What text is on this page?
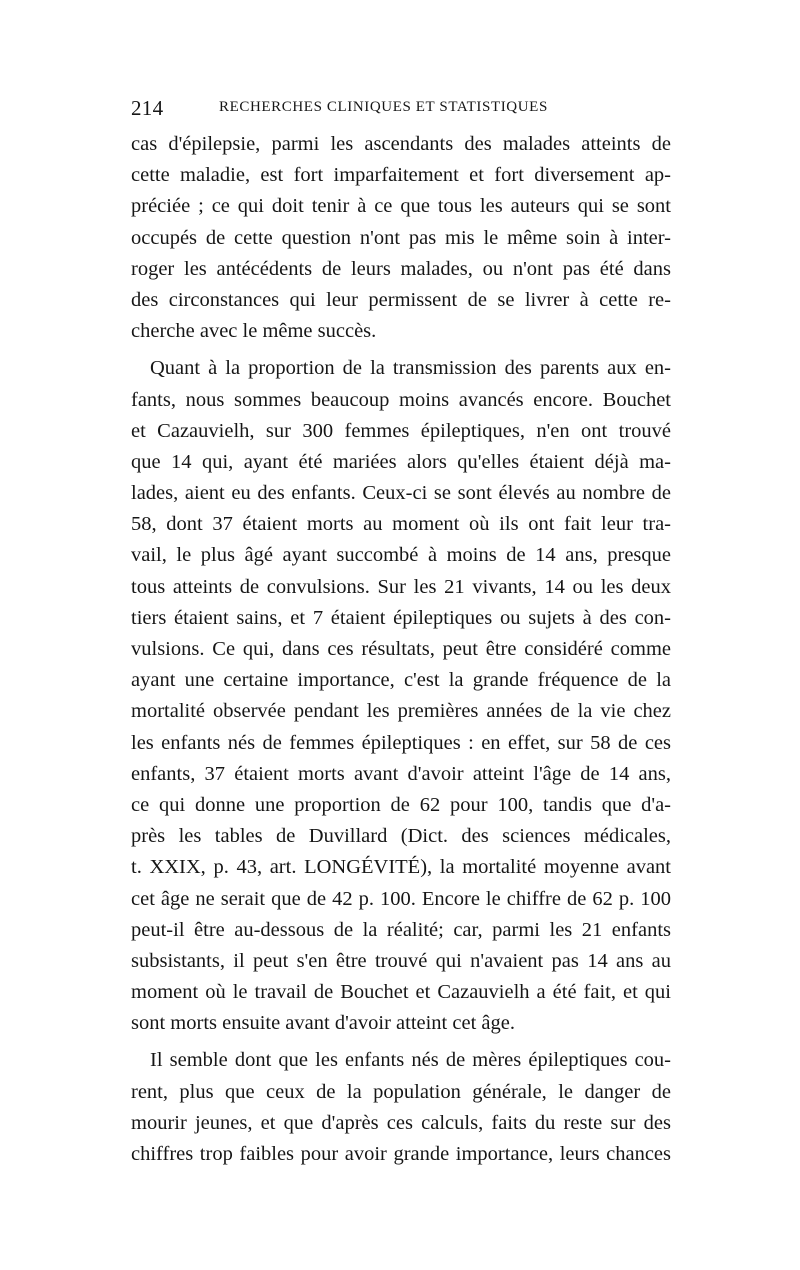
214	RECHERCHES CLINIQUES ET STATISTIQUES
cas d'épilepsie, parmi les ascendants des malades atteints de
cette maladie, est fort imparfaitement et fort diversement ap-
préciée ; ce qui doit tenir à ce que tous les auteurs qui se sont
occupés de cette question n'ont pas mis le même soin à inter-
roger les antécédents de leurs malades, ou n'ont pas été dans
des circonstances qui leur permissent de se livrer à cette re-
cherche avec le même succès.
Quant à la proportion de la transmission des parents aux en-
fants, nous sommes beaucoup moins avancés encore. Bouchet
et Cazauvielh, sur 300 femmes épileptiques, n'en ont trouvé
que 14 qui, ayant été mariées alors qu'elles étaient déjà ma-
lades, aient eu des enfants. Ceux-ci se sont élevés au nombre de
58, dont 37 étaient morts au moment où ils ont fait leur tra-
vail, le plus âgé ayant succombé à moins de 14 ans, presque
tous atteints de convulsions. Sur les 21 vivants, 14 ou les deux
tiers étaient sains, et 7 étaient épileptiques ou sujets à des con-
vulsions. Ce qui, dans ces résultats, peut être considéré comme
ayant une certaine importance, c'est la grande fréquence de la
mortalité observée pendant les premières années de la vie chez
les enfants nés de femmes épileptiques : en effet, sur 58 de ces
enfants, 37 étaient morts avant d'avoir atteint l'âge de 14 ans,
ce qui donne une proportion de 62 pour 100, tandis que d'a-
près les tables de Duvillard (Dict. des sciences médicales,
t. XXIX, p. 43, art. LONGÉVITÉ), la mortalité moyenne avant
cet âge ne serait que de 42 p. 100. Encore le chiffre de 62 p. 100
peut-il être au-dessous de la réalité; car, parmi les 21 enfants
subsistants, il peut s'en être trouvé qui n'avaient pas 14 ans au
moment où le travail de Bouchet et Cazauvielh a été fait, et qui
sont morts ensuite avant d'avoir atteint cet âge.
Il semble dont que les enfants nés de mères épileptiques cou-
rent, plus que ceux de la population générale, le danger de
mourir jeunes, et que d'après ces calculs, faits du reste sur des
chiffres trop faibles pour avoir grande importance, leurs chances
